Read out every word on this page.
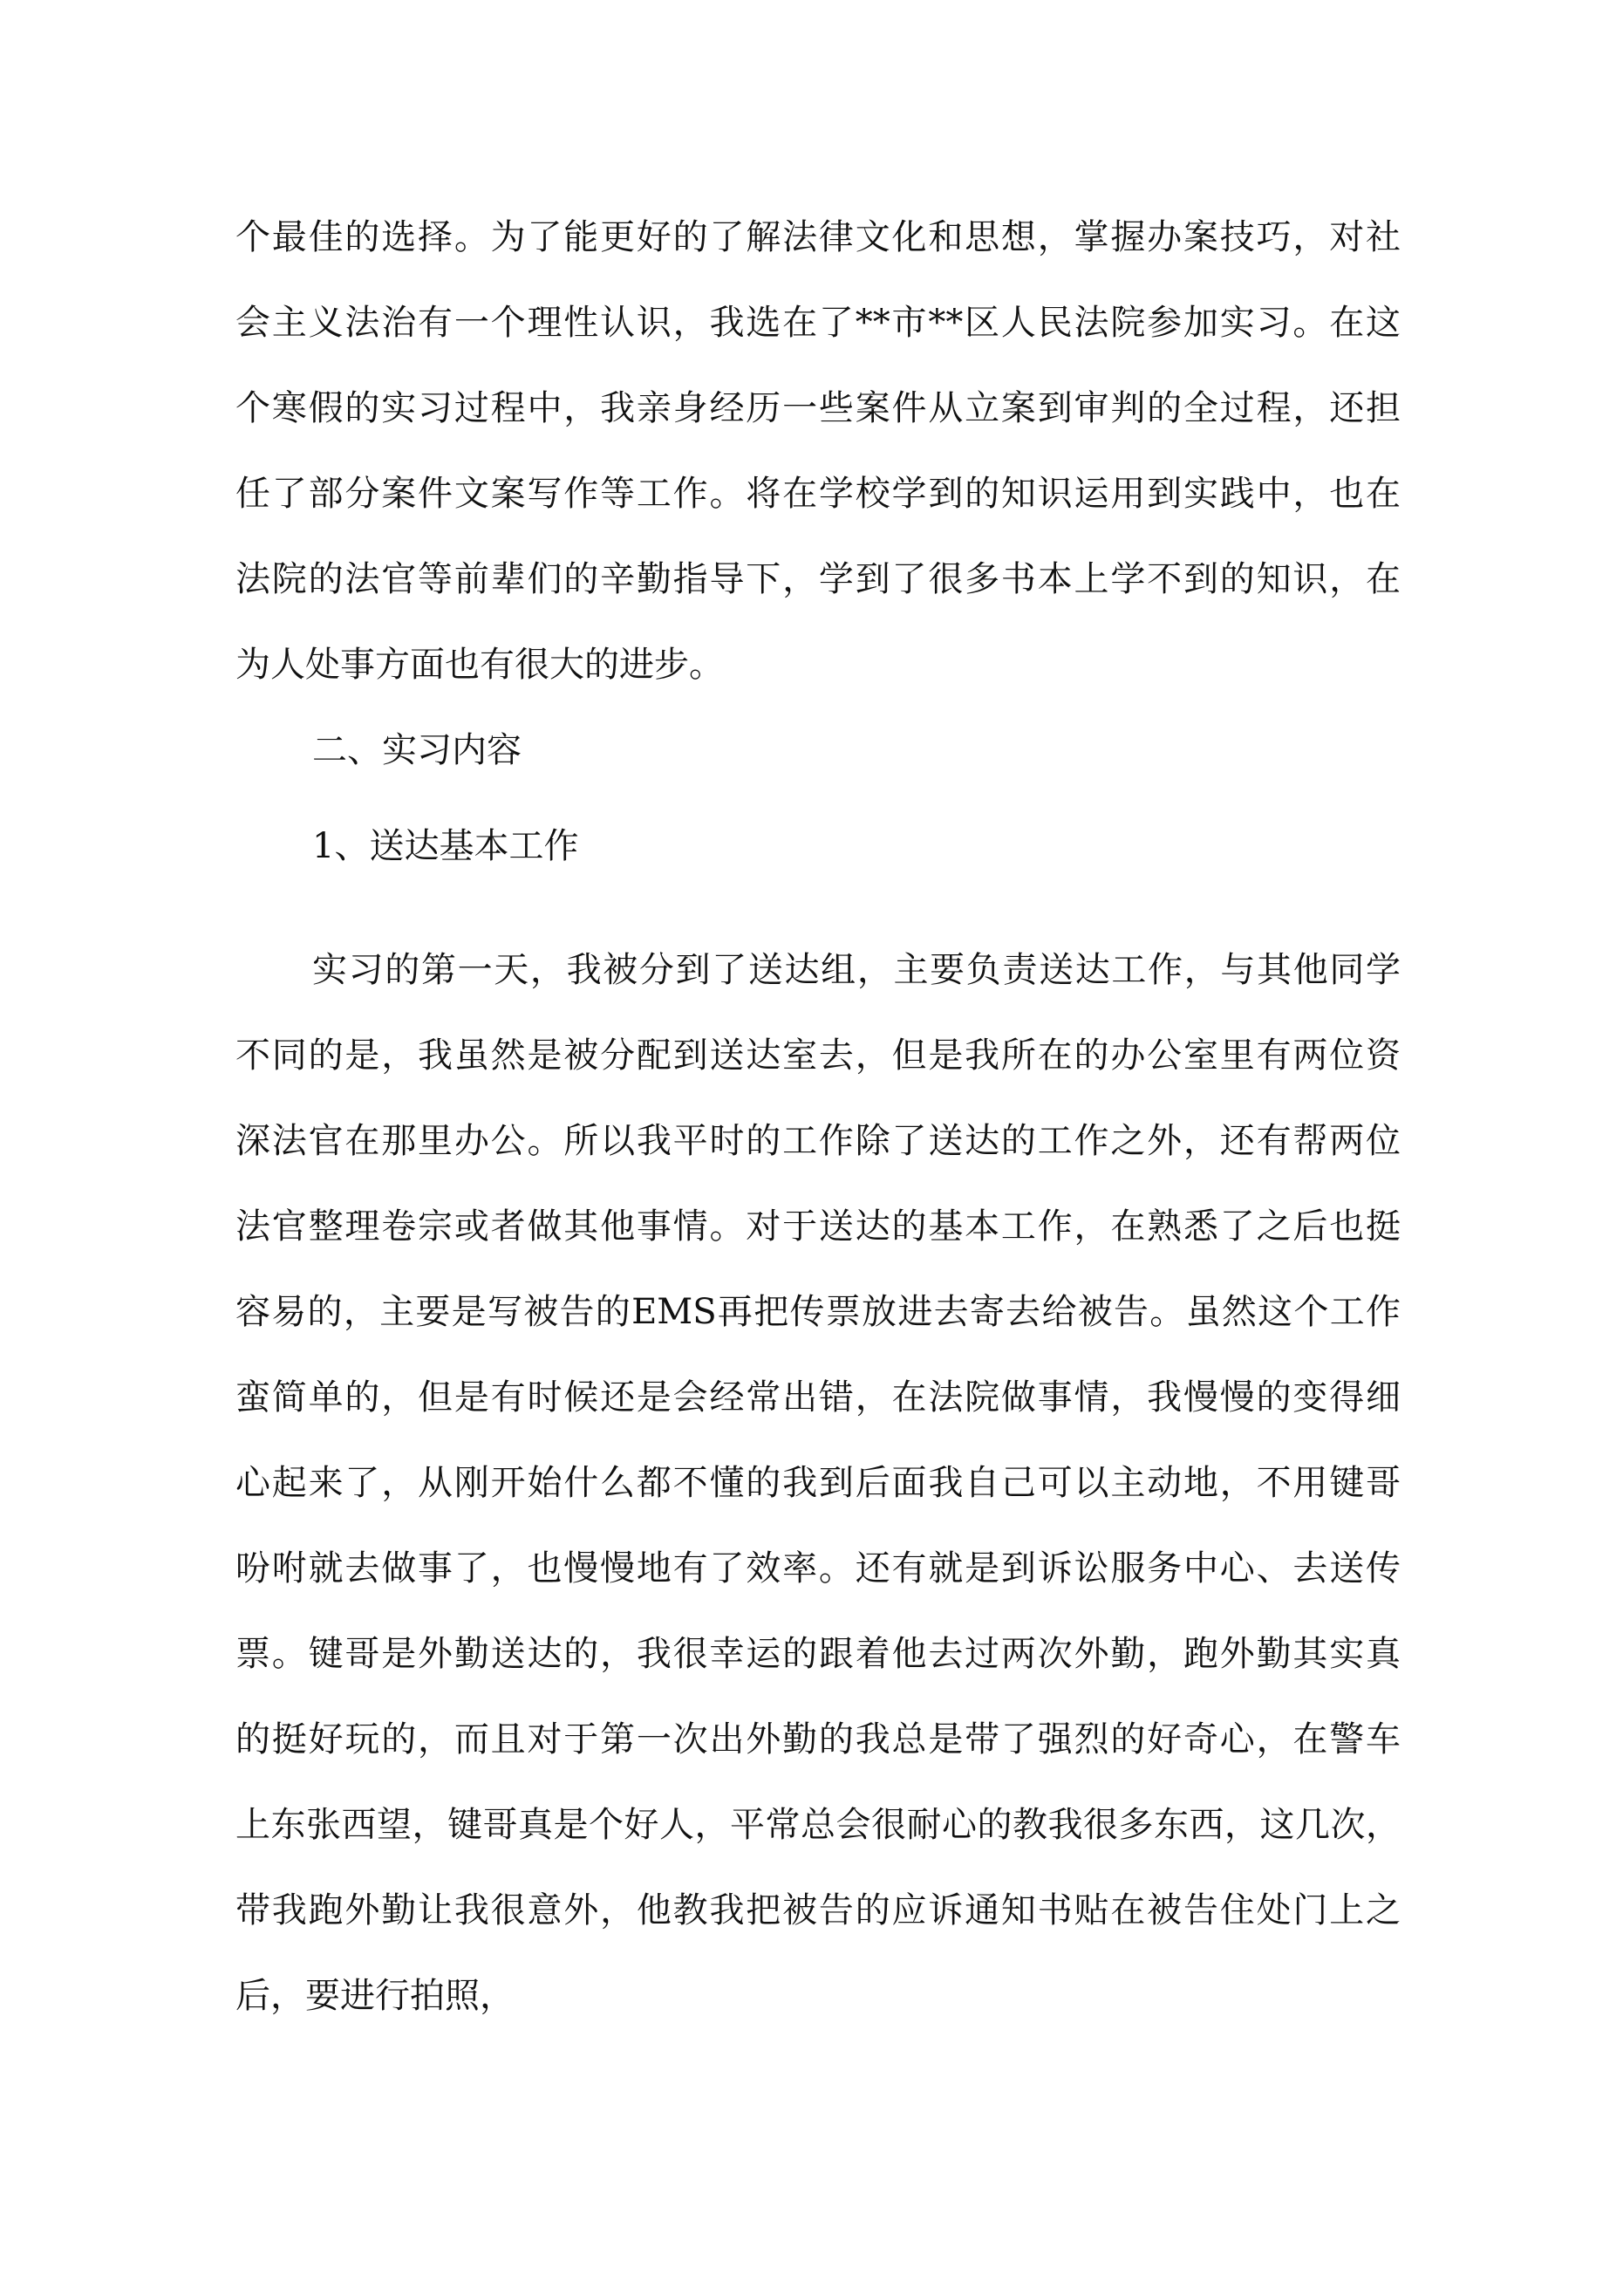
个最佳的选择。为了能更好的了解法律文化和思想，掌握办案技巧，对社
会主义法治有一个理性认识，我选在了**市**区人民法院参加实习。在这
个寒假的实习过程中，我亲身经历一些案件从立案到审判的全过程，还担
任了部分案件文案写作等工作。将在学校学到的知识运用到实践中，也在
法院的法官等前辈们的辛勤指导下，学到了很多书本上学不到的知识，在
为人处事方面也有很大的进步。
二、实习内容
1、送达基本工作
实习的第一天，我被分到了送达组，主要负责送达工作，与其他同学
不同的是，我虽然是被分配到送达室去，但是我所在的办公室里有两位资
深法官在那里办公。所以我平时的工作除了送达的工作之外，还有帮两位
法官整理卷宗或者做其他事情。对于送达的基本工作，在熟悉了之后也挺
容易的，主要是写被告的EMS再把传票放进去寄去给被告。虽然这个工作
蛮简单的，但是有时候还是会经常出错，在法院做事情，我慢慢的变得细
心起来了，从刚开始什么都不懂的我到后面我自己可以主动地，不用键哥
吩咐就去做事了，也慢慢地有了效率。还有就是到诉讼服务中心、去送传
票。键哥是外勤送达的，我很幸运的跟着他去过两次外勤，跑外勤其实真
的挺好玩的，而且对于第一次出外勤的我总是带了强烈的好奇心，在警车
上东张西望，键哥真是个好人，平常总会很耐心的教我很多东西，这几次，
带我跑外勤让我很意外，他教我把被告的应诉通知书贴在被告住处门上之
后，要进行拍照，
